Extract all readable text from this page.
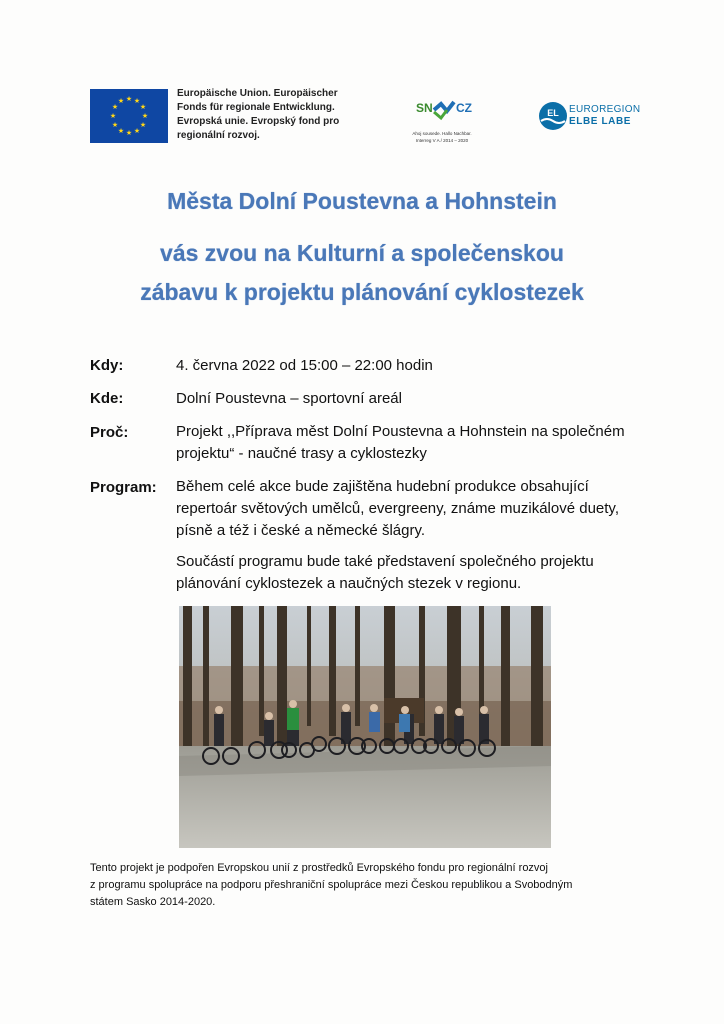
★ ★
★
★
★
★
★
★
★
★
★
★
Europäische Union. Europäischer
Fonds für regionale Entwicklung.
Evropská unie. Evropský fond pro
regionální rozvoj.
SN CZ
Ahoj sousede. Hallo Nachbar.
Interreg V A / 2014 – 2020
EL EUROREGION
ELBE LABE
Města Dolní Poustevna a Hohnstein
vás zvou na Kulturní a společenskou
zábavu k projektu plánování cyklostezek
Kdy:	4. června 2022 od 15:00 – 22:00 hodin
Kde:	Dolní Poustevna – sportovní areál
Proč:	Projekt ,,Příprava měst Dolní Poustevna a Hohnstein na společném
projektu“ - naučné trasy a cyklostezky
Program: Během celé akce bude zajištěna hudební produkce obsahující
repertoár světových umělců, evergreeny, známe muzikálové duety,
písně a též i české a německé šlágry.
Součástí programu bude také představení společného projektu
plánování cyklostezek a naučných stezek v regionu.
Tento projekt je podpořen Evropskou unií z prostředků Evropského fondu pro regionální rozvoj
z programu spolupráce na podporu přeshraniční spolupráce mezi Českou republikou a Svobodným
státem Sasko 2014-2020.
